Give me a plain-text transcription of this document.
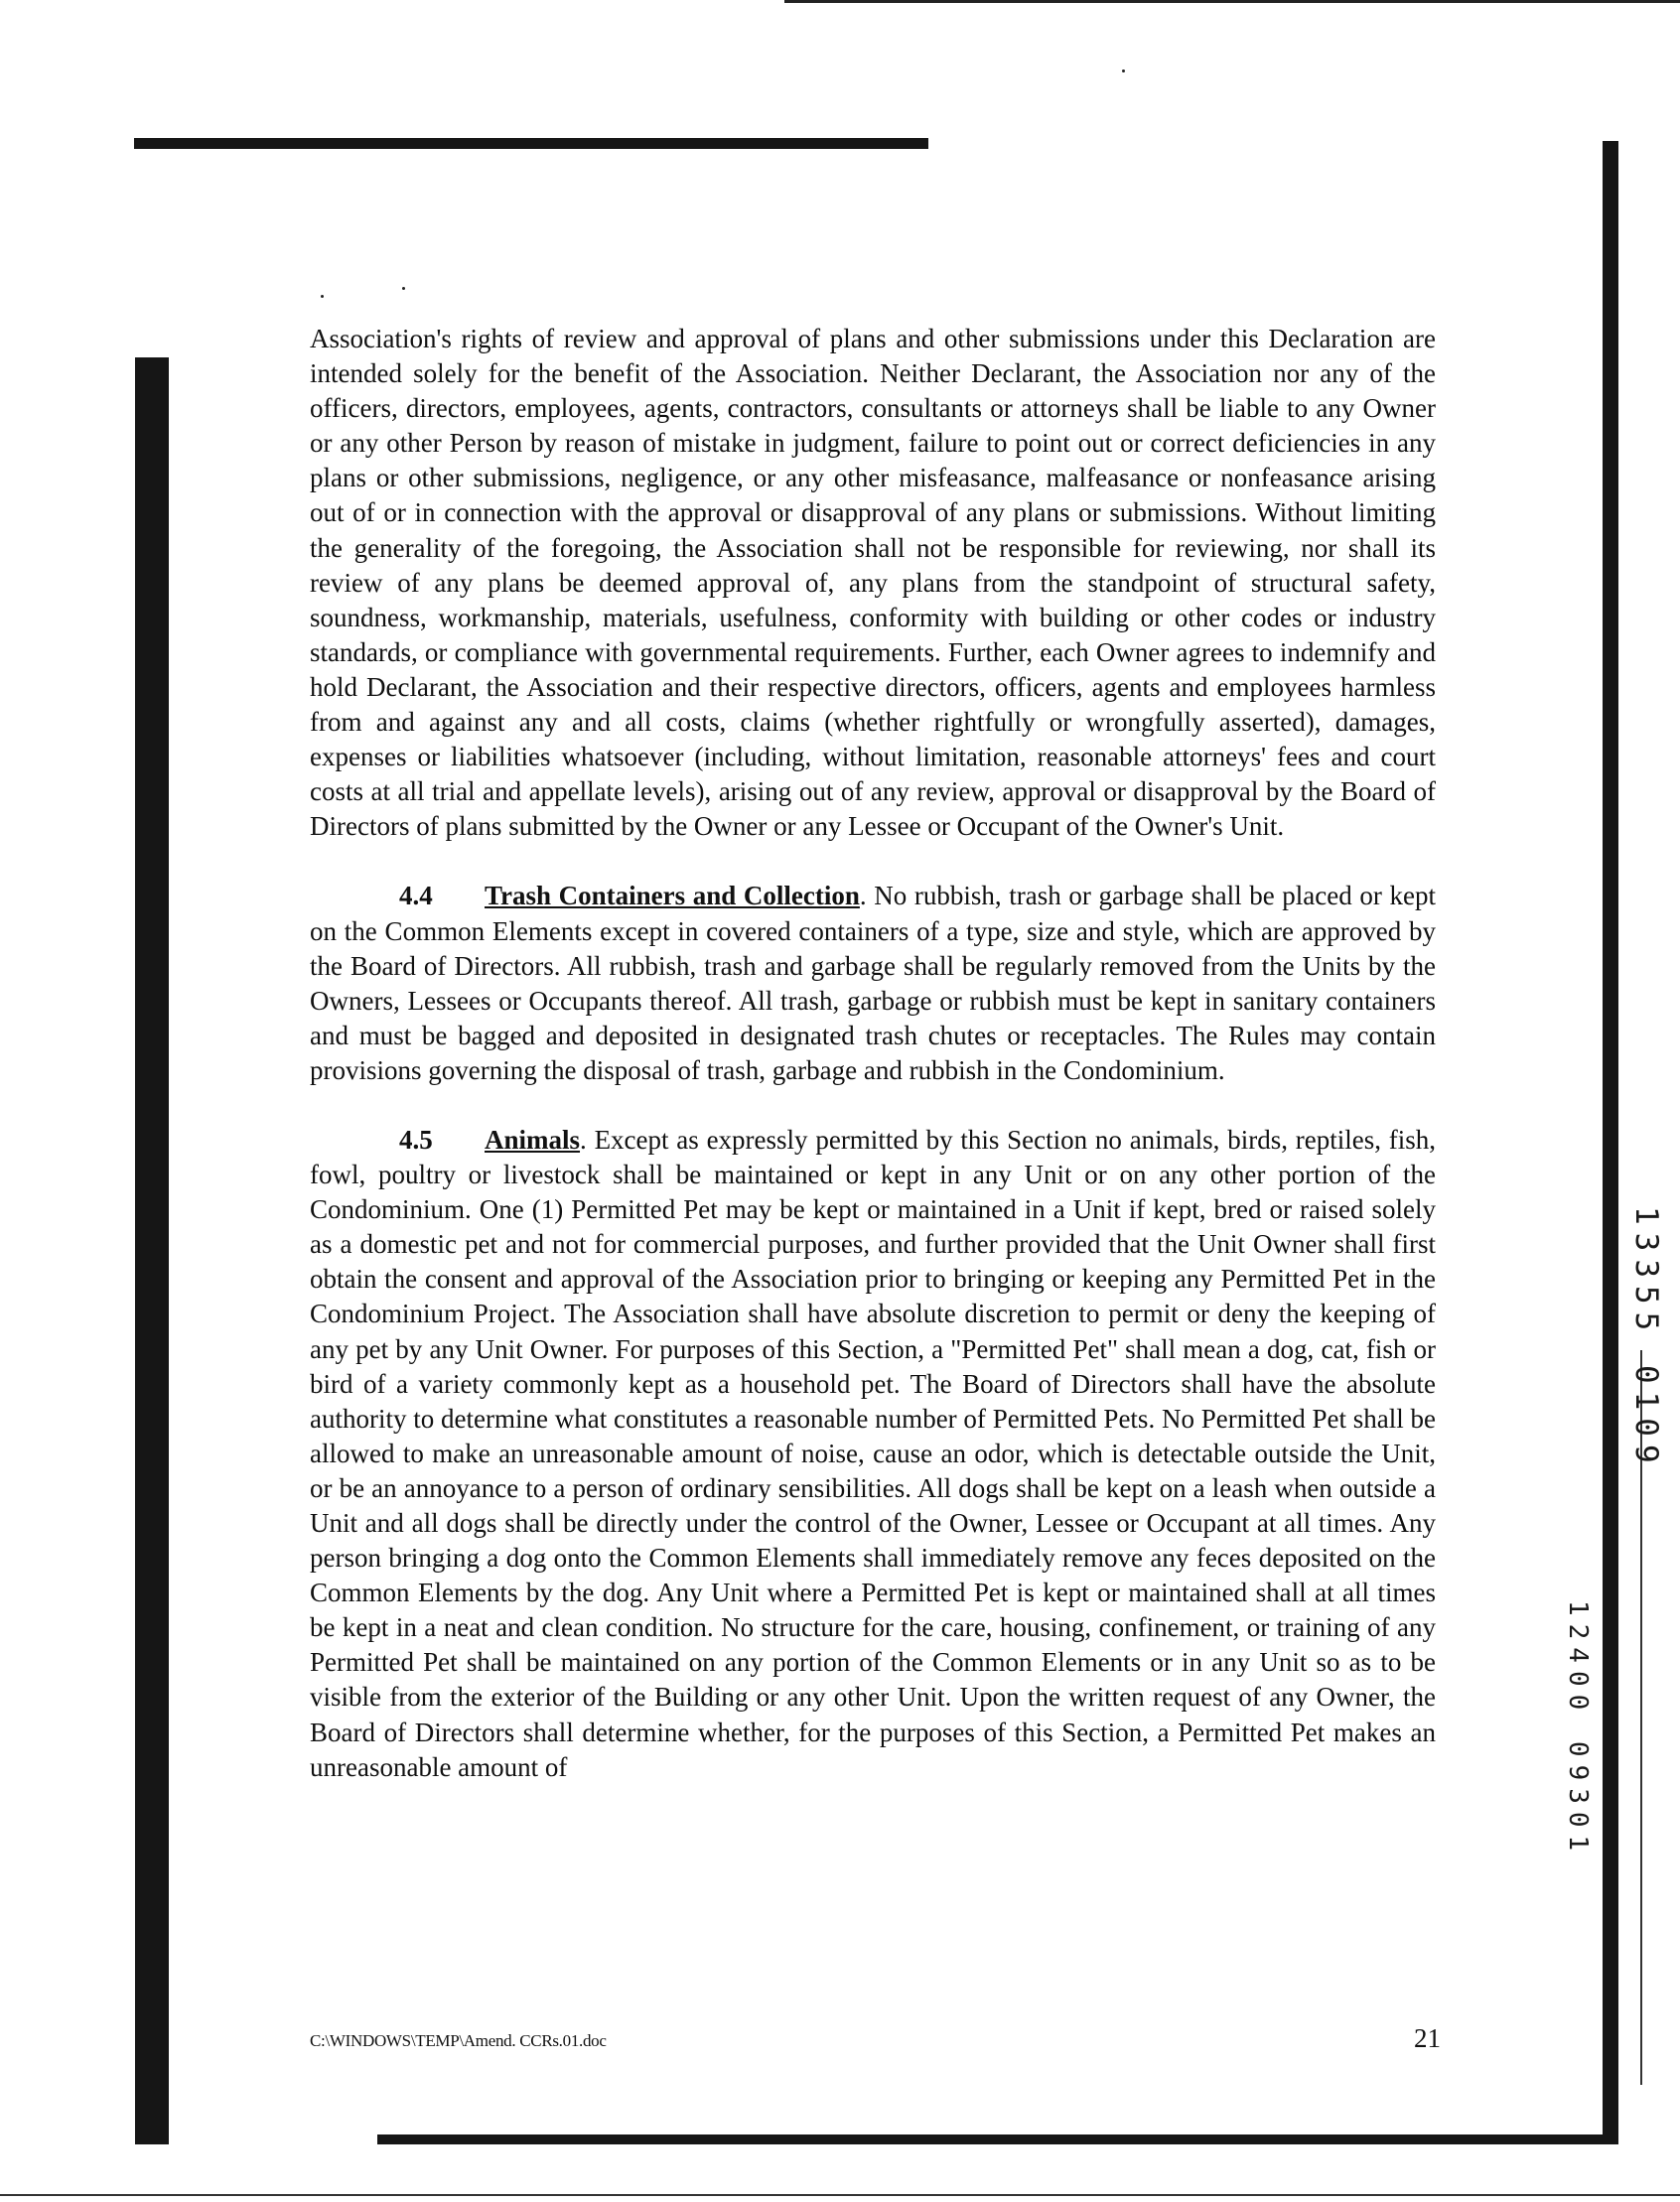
Association's rights of review and approval of plans and other submissions under this Declaration are intended solely for the benefit of the Association. Neither Declarant, the Association nor any of the officers, directors, employees, agents, contractors, consultants or attorneys shall be liable to any Owner or any other Person by reason of mistake in judgment, failure to point out or correct deficiencies in any plans or other submissions, negligence, or any other misfeasance, malfeasance or nonfeasance arising out of or in connection with the approval or disapproval of any plans or submissions. Without limiting the generality of the foregoing, the Association shall not be responsible for reviewing, nor shall its review of any plans be deemed approval of, any plans from the standpoint of structural safety, soundness, workmanship, materials, usefulness, conformity with building or other codes or industry standards, or compliance with governmental requirements. Further, each Owner agrees to indemnify and hold Declarant, the Association and their respective directors, officers, agents and employees harmless from and against any and all costs, claims (whether rightfully or wrongfully asserted), damages, expenses or liabilities whatsoever (including, without limitation, reasonable attorneys' fees and court costs at all trial and appellate levels), arising out of any review, approval or disapproval by the Board of Directors of plans submitted by the Owner or any Lessee or Occupant of the Owner's Unit.

4.4 Trash Containers and Collection. No rubbish, trash or garbage shall be placed or kept on the Common Elements except in covered containers of a type, size and style, which are approved by the Board of Directors. All rubbish, trash and garbage shall be regularly removed from the Units by the Owners, Lessees or Occupants thereof. All trash, garbage or rubbish must be kept in sanitary containers and must be bagged and deposited in designated trash chutes or receptacles. The Rules may contain provisions governing the disposal of trash, garbage and rubbish in the Condominium.

4.5 Animals. Except as expressly permitted by this Section no animals, birds, reptiles, fish, fowl, poultry or livestock shall be maintained or kept in any Unit or on any other portion of the Condominium. One (1) Permitted Pet may be kept or maintained in a Unit if kept, bred or raised solely as a domestic pet and not for commercial purposes, and further provided that the Unit Owner shall first obtain the consent and approval of the Association prior to bringing or keeping any Permitted Pet in the Condominium Project. The Association shall have absolute discretion to permit or deny the keeping of any pet by any Unit Owner. For purposes of this Section, a "Permitted Pet" shall mean a dog, cat, fish or bird of a variety commonly kept as a household pet. The Board of Directors shall have the absolute authority to determine what constitutes a reasonable number of Permitted Pets. No Permitted Pet shall be allowed to make an unreasonable amount of noise, cause an odor, which is detectable outside the Unit, or be an annoyance to a person of ordinary sensibilities. All dogs shall be kept on a leash when outside a Unit and all dogs shall be directly under the control of the Owner, Lessee or Occupant at all times. Any person bringing a dog onto the Common Elements shall immediately remove any feces deposited on the Common Elements by the dog. Any Unit where a Permitted Pet is kept or maintained shall at all times be kept in a neat and clean condition. No structure for the care, housing, confinement, or training of any Permitted Pet shall be maintained on any portion of the Common Elements or in any Unit so as to be visible from the exterior of the Building or any other Unit. Upon the written request of any Owner, the Board of Directors shall determine whether, for the purposes of this Section, a Permitted Pet makes an unreasonable amount of

C:\WINDOWS\TEMP\Amend. CCRs.01.doc	21
13355 0109
12400 09301
